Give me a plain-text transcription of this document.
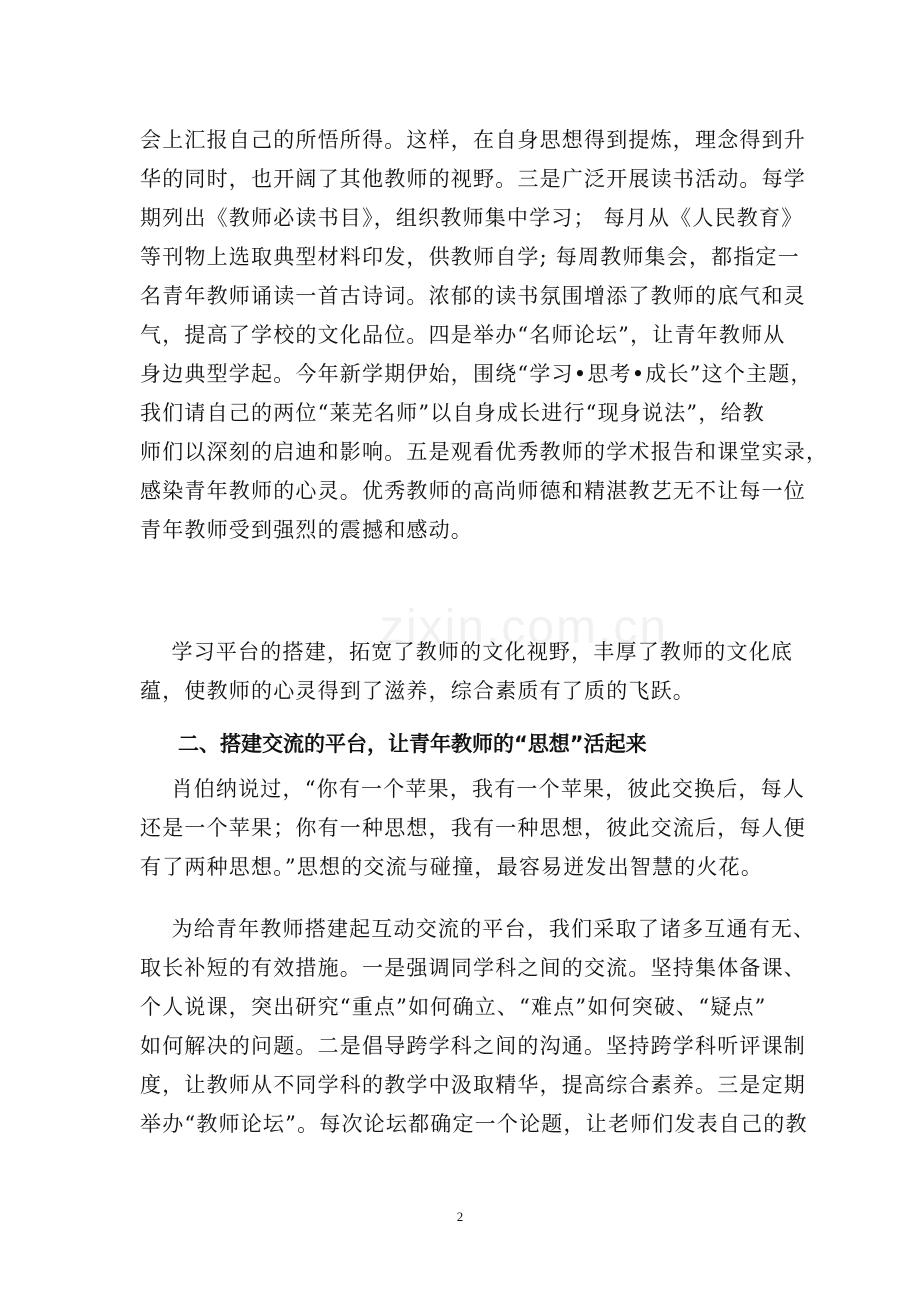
zixin.com.cn
会上汇报自己的所悟所得。这样，在自身思想得到提炼，理念得到升
华的同时，也开阔了其他教师的视野。三是广泛开展读书活动。每学
期列出《教师必读书目》，组织教师集中学习； 每月从《人民教育》
等刊物上选取典型材料印发，供教师自学; 每周教师集会，都指定一
名青年教师诵读一首古诗词。浓郁的读书氛围增添了教师的底气和灵
气，提高了学校的文化品位。四是举办“名师论坛”，让青年教师从
身边典型学起。今年新学期伊始，围绕“学习•思考•成长”这个主题，
我们请自己的两位“莱芜名师”以自身成长进行“现身说法”，给教
师们以深刻的启迪和影响。五是观看优秀教师的学术报告和课堂实录，
感染青年教师的心灵。优秀教师的高尚师德和精湛教艺无不让每一位
青年教师受到强烈的震撼和感动。
学习平台的搭建，拓宽了教师的文化视野，丰厚了教师的文化底
蕴，使教师的心灵得到了滋养，综合素质有了质的飞跃。
二、搭建交流的平台，让青年教师的“思想”活起来
肖伯纳说过，“你有一个苹果，我有一个苹果，彼此交换后，每人
还是一个苹果；你有一种思想，我有一种思想，彼此交流后，每人便
有了两种思想。”思想的交流与碰撞，最容易迸发出智慧的火花。
为给青年教师搭建起互动交流的平台，我们采取了诸多互通有无、
取长补短的有效措施。一是强调同学科之间的交流。坚持集体备课、
个人说课，突出研究“重点”如何确立、“难点”如何突破、“疑点”
如何解决的问题。二是倡导跨学科之间的沟通。坚持跨学科听评课制
度，让教师从不同学科的教学中汲取精华，提高综合素养。三是定期
举办“教师论坛”。每次论坛都确定一个论题，让老师们发表自己的教
2
